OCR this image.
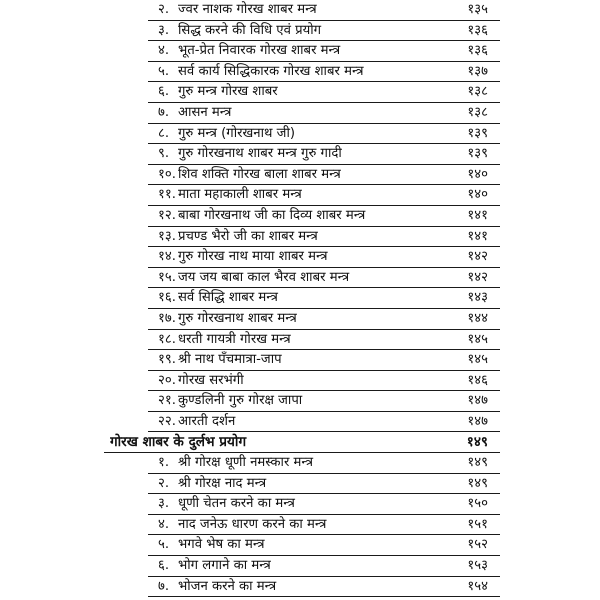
२. ज्वर नाशक गोरख शाबर मन्त्र	१३५
३. सिद्ध करने की विधि एवं प्रयोग	१३६
४. भूत-प्रेत निवारक गोरख शाबर मन्त्र	१३६
५. सर्व कार्य सिद्धिकारक गोरख शाबर मन्त्र	१३७
६. गुरु मन्त्र गोरख शाबर	१३८
७. आसन मन्त्र	१३८
८. गुरु मन्त्र (गोरखनाथ जी)	१३९
९. गुरु गोरखनाथ शाबर मन्त्र गुरु गादी	१३९
१०. शिव शक्ति गोरख बाला शाबर मन्त्र	१४०
११. माता महाकाली शाबर मन्त्र	१४०
१२. बाबा गोरखनाथ जी का दिव्य शाबर मन्त्र	१४१
१३. प्रचण्ड भैरो जी का शाबर मन्त्र	१४१
१४. गुरु गोरख नाथ माया शाबर मन्त्र	१४२
१५. जय जय बाबा काल भैरव शाबर मन्त्र	१४२
१६. सर्व सिद्धि शाबर मन्त्र	१४३
१७. गुरु गोरखनाथ शाबर मन्त्र	१४४
१८. धरती गायत्री गोरख मन्त्र	१४५
१९. श्री नाथ पँचमात्रा-जाप	१४५
२०. गोरख सरभंगी	१४६
२१. कुण्डलिनी गुरु गोरक्ष जापा	१४७
२२. आरती दर्शन	१४७
गोरख शाबर के दुर्लभ प्रयोग	१४९
१. श्री गोरक्ष धूणी नमस्कार मन्त्र	१४९
२. श्री गोरक्ष नाद मन्त्र	१४९
३. धूणी चेतन करने का मन्त्र	१५०
४. नाद जनेऊ धारण करने का मन्त्र	१५१
५. भगवे भेष का मन्त्र	१५२
६. भोग लगाने का मन्त्र	१५३
७. भोजन करने का मन्त्र	१५४
